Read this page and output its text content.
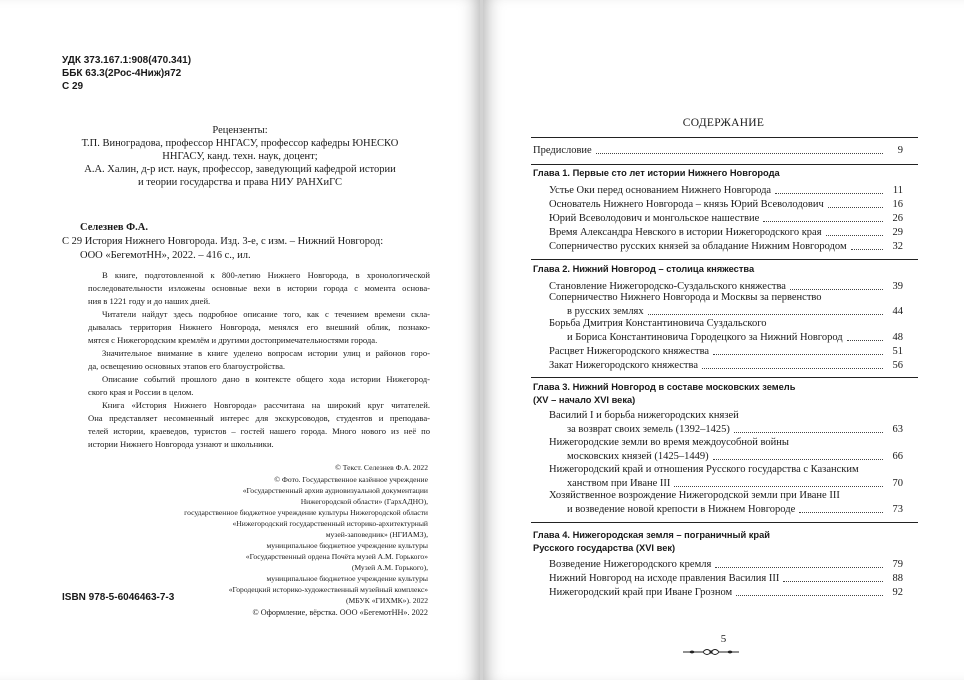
УДК 373.167.1:908(470.341)
ББК 63.3(2Рос-4Ниж)я72
С 29
Рецензенты:
Т.П. Виноградова, профессор ННГАСУ, профессор кафедры ЮНЕСКО
ННГАСУ, канд. техн. наук, доцент;
А.А. Халин, д-р ист. наук, профессор, заведующий кафедрой истории
и теории государства и права НИУ РАНХиГС
Селезнев Ф.А.
С 29 История Нижнего Новгорода. Изд. 3-е, с изм. – Нижний Новгород:
ООО «БегемотНН», 2022. – 416 с., ил.
В книге, подготовленной к 800-летию Нижнего Новгорода, в хронологической
последовательности изложены основные вехи в истории города с момента основа-
ния в 1221 году и до наших дней.
Читатели найдут здесь подробное описание того, как с течением времени скла-
дывалась территория Нижнего Новгорода, менялся его внешний облик, познако-
мятся с Нижегородским кремлём и другими достопримечательностями города.
Значительное внимание в книге уделено вопросам истории улиц и районов горо-
да, освещению основных этапов его благоустройства.
Описание событий прошлого дано в контексте общего хода истории Нижегород-
ского края и России в целом.
Книга «История Нижнего Новгорода» рассчитана на широкий круг читателей.
Она представляет несомненный интерес для экскурсоводов, студентов и преподава-
телей истории, краеведов, туристов – гостей нашего города. Много нового из неё по
истории Нижнего Новгорода узнают и школьники.
© Текст. Селезнев Ф.А. 2022
© Фото. Государственное казённое учреждение
«Государственный архив аудиовизуальной документации
Нижегородской области» (ГархАДНО),
государственное бюджетное учреждение культуры Нижегородской области
«Нижегородский государственный историко-архитектурный
музей-заповедник» (НГИАМЗ),
муниципальное бюджетное учреждение культуры
«Государственный ордена Почёта музей А.М. Горького»
(Музей А.М. Горького),
муниципальное бюджетное учреждение культуры
«Городецкий историко-художественный музейный комплекс»
(МБУК «ГИХМК»). 2022
© Оформление, вёрстка. ООО «БегемотНН». 2022
ISBN 978-5-6046463-7-3
СОДЕРЖАНИЕ
Предисловие	9
Глава 1. Первые сто лет истории Нижнего Новгорода
Устье Оки перед основанием Нижнего Новгорода	11
Основатель Нижнего Новгорода – князь Юрий Всеволодович	16
Юрий Всеволодович и монгольское нашествие	26
Время Александра Невского в истории Нижегородского края	29
Соперничество русских князей за обладание Нижним Новгородом	32
Глава 2. Нижний Новгород – столица княжества
Становление Нижегородско-Суздальского княжества	39
Соперничество Нижнего Новгорода и Москвы за первенство
в русских землях	44
Борьба Дмитрия Константиновича Суздальского
и Бориса Константиновича Городецкого за Нижний Новгород	48
Расцвет Нижегородского княжества	51
Закат Нижегородского княжества	56
Глава 3. Нижний Новгород в составе московских земель
(XV – начало XVI века)
Василий I и борьба нижегородских князей
за возврат своих земель (1392–1425)	63
Нижегородские земли во время междоусобной войны
московских князей (1425–1449)	66
Нижегородский край и отношения Русского государства с Казанским
ханством при Иване III	70
Хозяйственное возрождение Нижегородской земли при Иване III
и возведение новой крепости в Нижнем Новгороде	73
Глава 4. Нижегородская земля – пограничный край
Русского государства (XVI век)
Возведение Нижегородского кремля	79
Нижний Новгород на исходе правления Василия III	88
Нижегородский край при Иване Грозном	92
5
